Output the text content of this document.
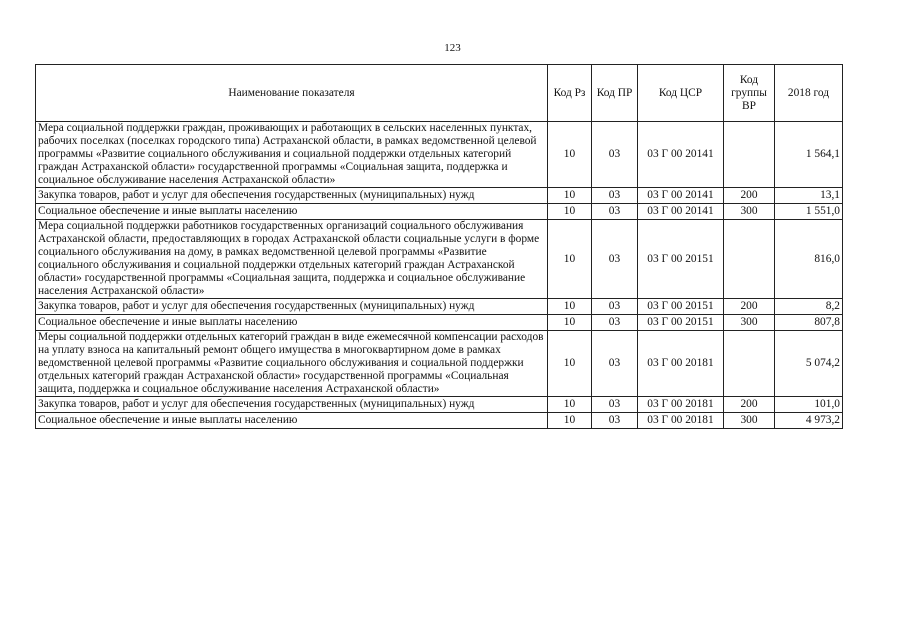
123
Наименование показателя	Код Рз	Код ПР	Код ЦСР	Код группы ВР	2018 год
Мера социальной поддержки граждан, проживающих и работающих в сельских населенных пунктах, рабочих поселках (поселках городского типа) Астраханской области, в рамках ведомственной целевой программы «Развитие социального обслуживания и социальной поддержки отдельных категорий граждан Астраханской области» государственной программы «Социальная защита, поддержка и социальное обслуживание населения Астраханской области»	10	03	03 Г 00 20141		1 564,1
Закупка товаров, работ и услуг для обеспечения государственных (муниципальных) нужд	10	03	03 Г 00 20141	200	13,1
Социальное обеспечение и иные выплаты населению	10	03	03 Г 00 20141	300	1 551,0
Мера социальной поддержки работников государственных организаций социального обслуживания Астраханской области, предоставляющих в городах Астраханской области социальные услуги в форме социального обслуживания на дому, в рамках ведомственной целевой программы «Развитие социального обслуживания и социальной поддержки отдельных категорий граждан Астраханской области» государственной программы «Социальная защита, поддержка и социальное обслуживание населения Астраханской области»	10	03	03 Г 00 20151		816,0
Закупка товаров, работ и услуг для обеспечения государственных (муниципальных) нужд	10	03	03 Г 00 20151	200	8,2
Социальное обеспечение и иные выплаты населению	10	03	03 Г 00 20151	300	807,8
Меры социальной поддержки отдельных категорий граждан в виде ежемесячной компенсации расходов на уплату взноса на капитальный ремонт общего имущества в многоквартирном доме в рамках ведомственной целевой программы «Развитие социального обслуживания и социальной поддержки отдельных категорий граждан Астраханской области» государственной программы «Социальная защита, поддержка и социальное обслуживание населения Астраханской области»	10	03	03 Г 00 20181		5 074,2
Закупка товаров, работ и услуг для обеспечения государственных (муниципальных) нужд	10	03	03 Г 00 20181	200	101,0
Социальное обеспечение и иные выплаты населению	10	03	03 Г 00 20181	300	4 973,2
